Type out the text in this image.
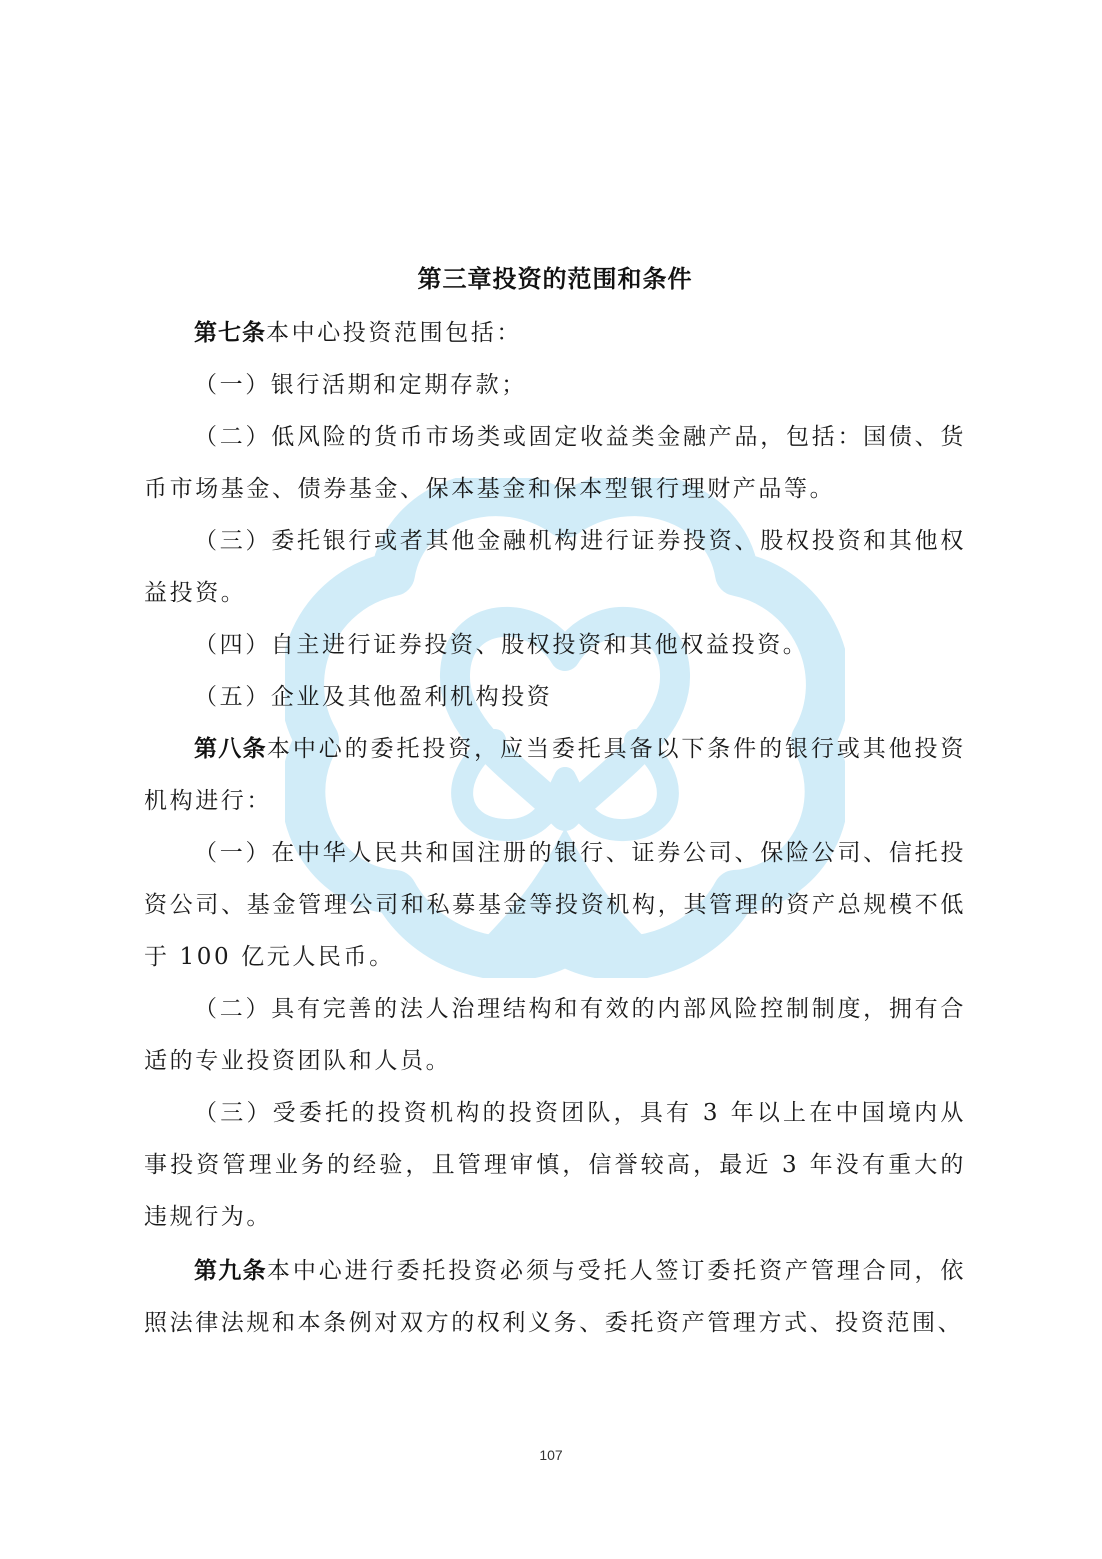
第三章投资的范围和条件

第七条本中心投资范围包括：

（一）银行活期和定期存款；

（二）低风险的货币市场类或固定收益类金融产品，包括：国债、货币市场基金、债券基金、保本基金和保本型银行理财产品等。

（三）委托银行或者其他金融机构进行证券投资、股权投资和其他权益投资。

（四）自主进行证券投资、股权投资和其他权益投资。

（五）企业及其他盈利机构投资

第八条本中心的委托投资，应当委托具备以下条件的银行或其他投资机构进行：

（一）在中华人民共和国注册的银行、证券公司、保险公司、信托投资公司、基金管理公司和私募基金等投资机构，其管理的资产总规模不低于 100 亿元人民币。

（二）具有完善的法人治理结构和有效的内部风险控制制度，拥有合适的专业投资团队和人员。

（三）受委托的投资机构的投资团队，具有 3 年以上在中国境内从事投资管理业务的经验，且管理审慎，信誉较高，最近 3 年没有重大的违规行为。

第九条本中心进行委托投资必须与受托人签订委托资产管理合同，依照法律法规和本条例对双方的权利义务、委托资产管理方式、投资范围、

107
